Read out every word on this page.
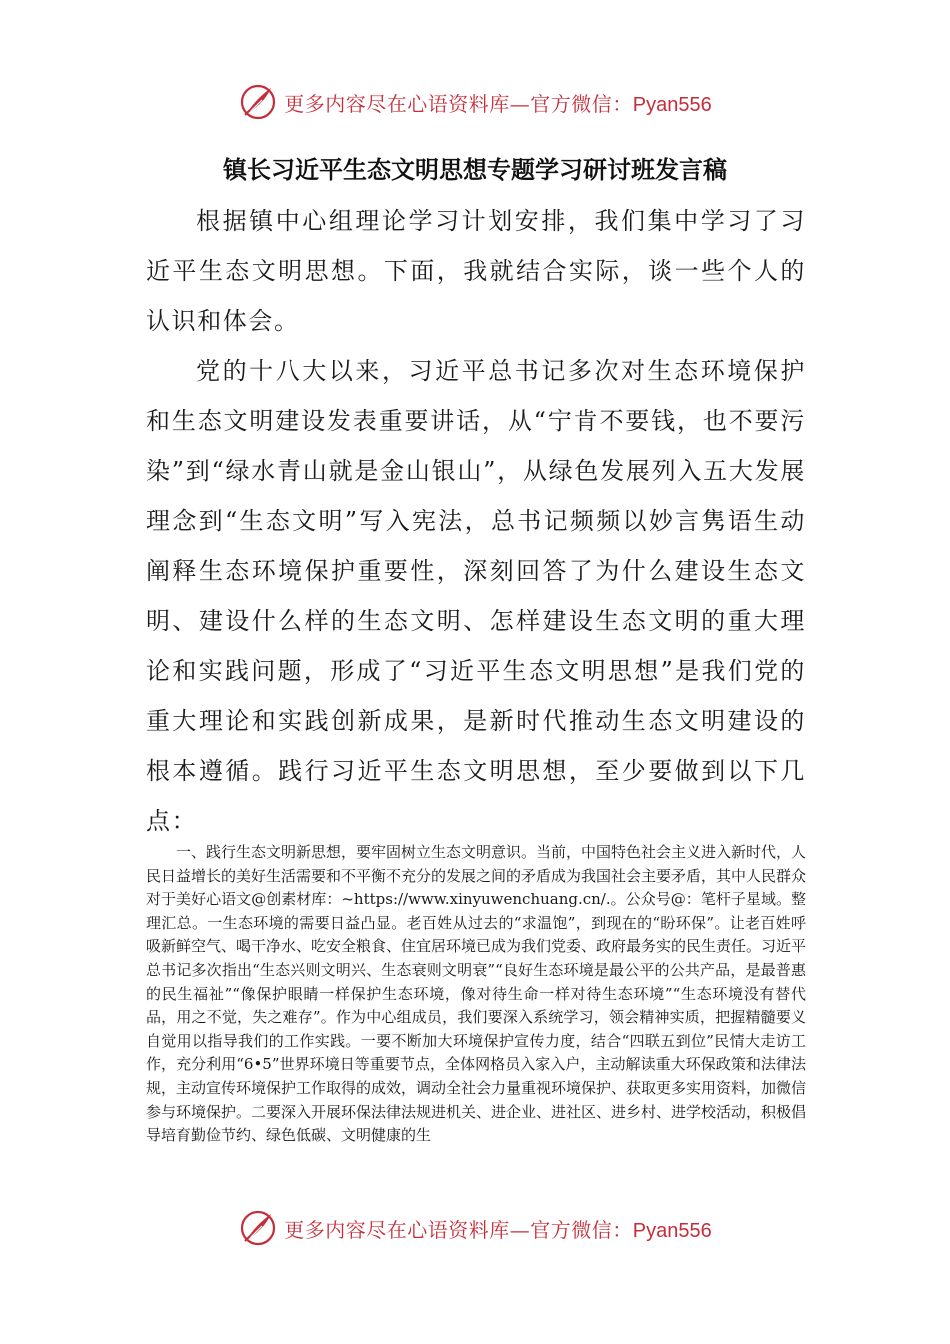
更多内容尽在心语资料库—官方微信：Pyan556
镇长习近平生态文明思想专题学习研讨班发言稿

根据镇中心组理论学习计划安排，我们集中学习了习近平生态文明思想。下面，我就结合实际，谈一些个人的认识和体会。

党的十八大以来，习近平总书记多次对生态环境保护和生态文明建设发表重要讲话，从“宁肯不要钱，也不要污染”到“绿水青山就是金山银山”，从绿色发展列入五大发展理念到“生态文明”写入宪法，总书记频频以妙言隽语生动阐释生态环境保护重要性，深刻回答了为什么建设生态文明、建设什么样的生态文明、怎样建设生态文明的重大理论和实践问题，形成了“习近平生态文明思想”是我们党的重大理论和实践创新成果，是新时代推动生态文明建设的根本遵循。践行习近平生态文明思想，至少要做到以下几点：

一、践行生态文明新思想，要牢固树立生态文明意识。当前，中国特色社会主义进入新时代，人民日益增长的美好生活需要和不平衡不充分的发展之间的矛盾成为我国社会主要矛盾，其中人民群众对于美好心语文@创素材库：~https://www.xinyuwenchuang.cn/.。公众号@：笔杆子星域。整理汇总。一生态环境的需要日益凸显。老百姓从过去的“求温饱”，到现在的“盼环保”。让老百姓呼吸新鲜空气、喝干净水、吃安全粮食、住宜居环境已成为我们党委、政府最务实的民生责任。习近平总书记多次指出“生态兴则文明兴、生态衰则文明衰”“良好生态环境是最公平的公共产品，是最普惠的民生福祉”“像保护眼睛一样保护生态环境，像对待生命一样对待生态环境”“生态环境没有替代品，用之不觉，失之难存”。作为中心组成员，我们要深入系统学习，领会精神实质，把握精髓要义自觉用以指导我们的工作实践。一要不断加大环境保护宣传力度，结合“四联五到位”民情大走访工作，充分利用“6•5”世界环境日等重要节点，全体网格员入家入户，主动解读重大环保政策和法律法规，主动宣传环境保护工作取得的成效，调动全社会力量重视环境保护、获取更多实用资料，加微信参与环境保护。二要深入开展环保法律法规进机关、进企业、进社区、进乡村、进学校活动，积极倡导培育勤俭节约、绿色低碳、文明健康的生

更多内容尽在心语资料库—官方微信：Pyan556
